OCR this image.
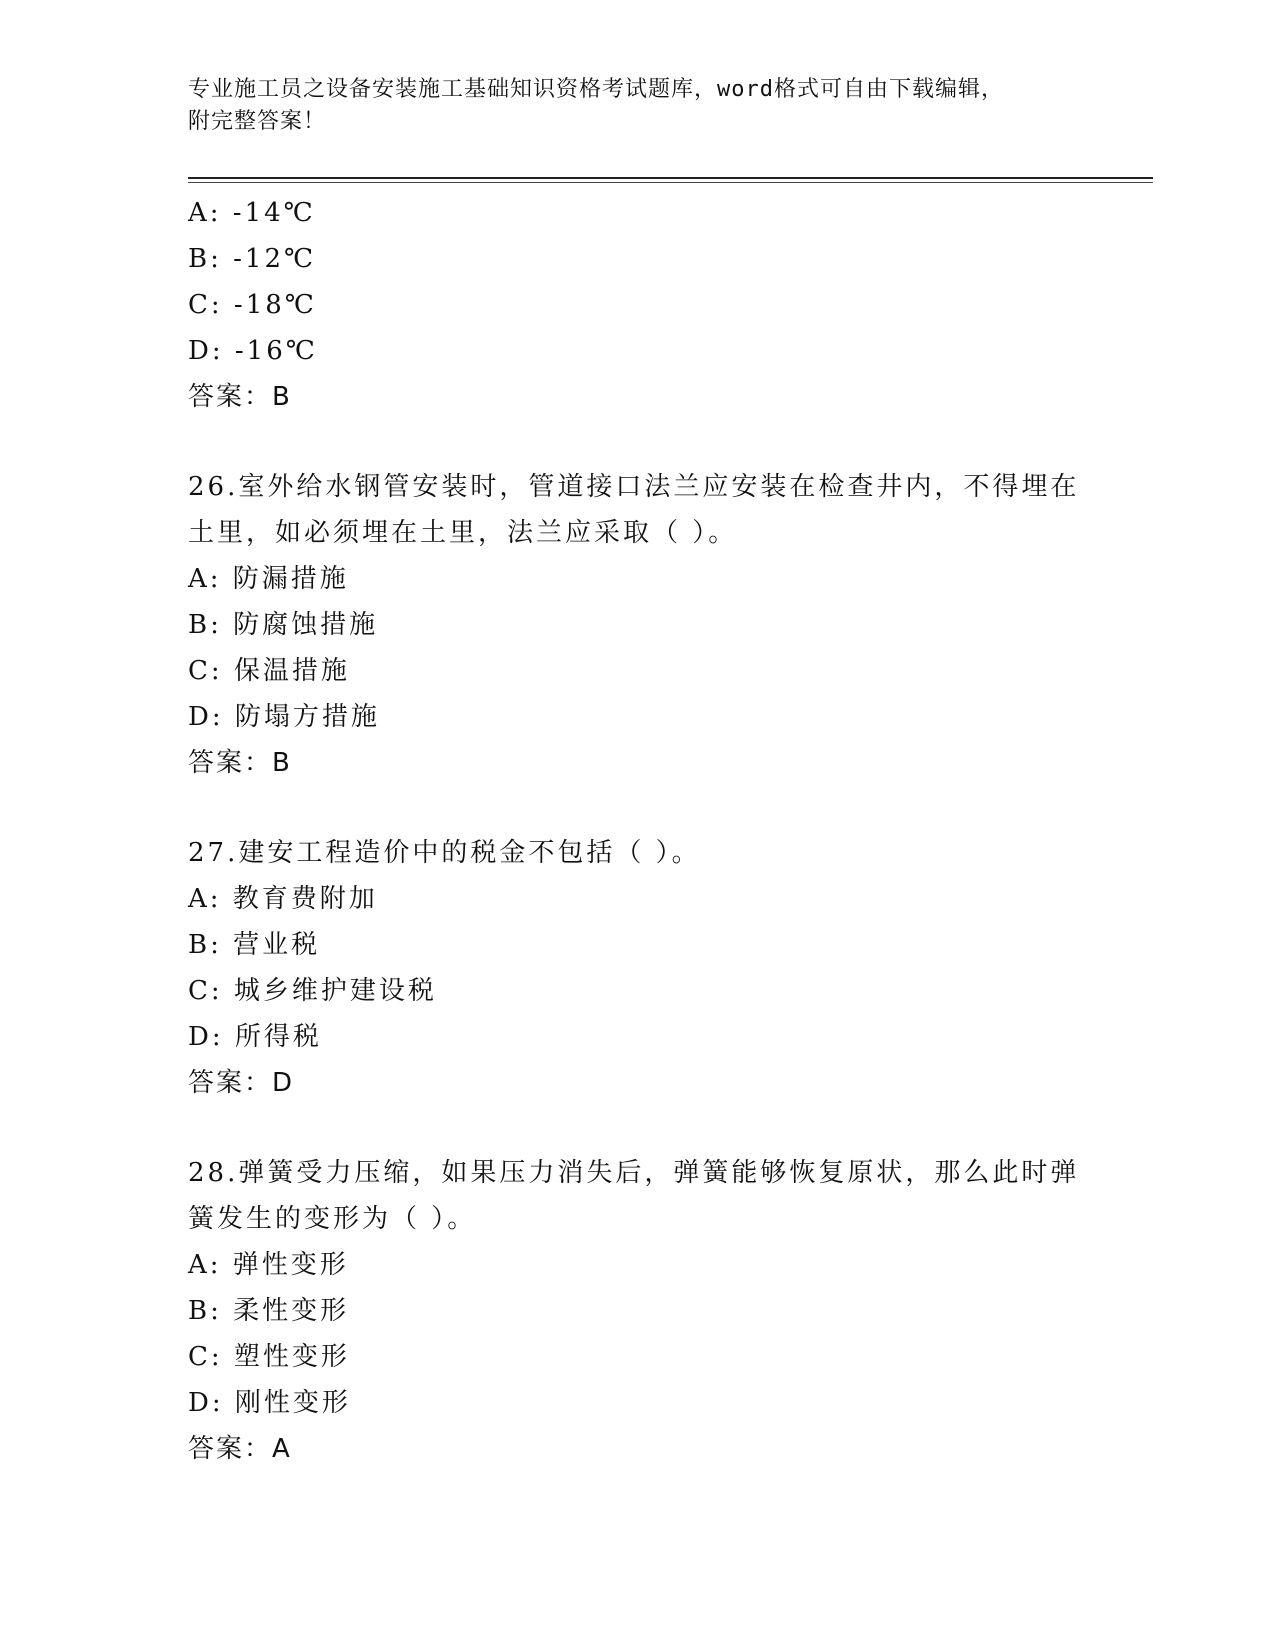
专业施工员之设备安装施工基础知识资格考试题库，word格式可自由下载编辑，
附完整答案！
A: -14℃
B: -12℃
C: -18℃
D: -16℃
答案：B
26.室外给水钢管安装时，管道接口法兰应安装在检查井内，不得埋在
土里，如必须埋在土里，法兰应采取（ ）。
A: 防漏措施
B: 防腐蚀措施
C: 保温措施
D: 防塌方措施
答案：B
27.建安工程造价中的税金不包括（ ）。
A: 教育费附加
B: 营业税
C: 城乡维护建设税
D: 所得税
答案：D
28.弹簧受力压缩，如果压力消失后，弹簧能够恢复原状，那么此时弹
簧发生的变形为（ ）。
A: 弹性变形
B: 柔性变形
C: 塑性变形
D: 刚性变形
答案：A
